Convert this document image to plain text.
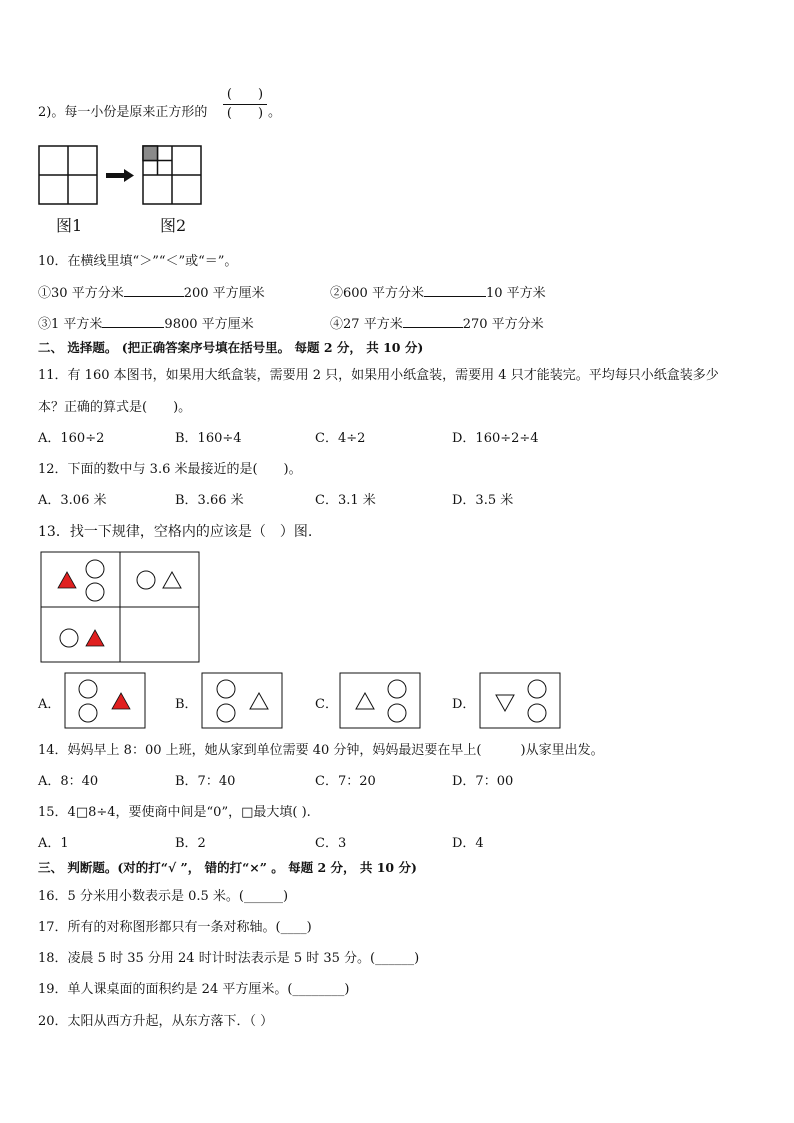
2)。每一小份是原来正方形的
(　　)
(　　) 。
图1	图2
10．在横线里填“＞”“＜”或“＝”。
①30 平方分米	200 平方厘米	②600 平方分米	10 平方米
③1 平方米	9800 平方厘米	④27 平方米	270 平方分米
二、 选择题。 (把正确答案序号填在括号里。 每题 2 分， 共 10 分)
11．有 160 本图书，如果用大纸盒装，需要用 2 只，如果用小纸盒装，需要用 4 只才能装完。平均每只小纸盒装多少
本？正确的算式是(　　)。
A．160÷2	B．160÷4	C．4÷2	D．160÷2÷4
12．下面的数中与 3.6 米最接近的是(　　)。
A．3.06 米	B．3.66 米	C．3.1 米	D．3.5 米
13．找一下规律，空格内的应该是（　）图.
A．	B．	C．	D．
14．妈妈早上 8：00 上班，她从家到单位需要 40 分钟，妈妈最迟要在早上(　　　)从家里出发。
A．8：40	B．7：40	C．7：20	D．7：00
15．4□8÷4，要使商中间是“0”，□最大填( ).
A．1	B．2	C．3	D．4
三、 判断题。(对的打“√ ”， 错的打“×” 。 每题 2 分， 共 10 分)
16．5 分米用小数表示是 0.5 米。(______)
17．所有的对称图形都只有一条对称轴。(____)
18．凌晨 5 时 35 分用 24 时计时法表示是 5 时 35 分。(______)
19．单人课桌面的面积约是 24 平方厘米。(________)
20．太阳从西方升起，从东方落下．（ ）
